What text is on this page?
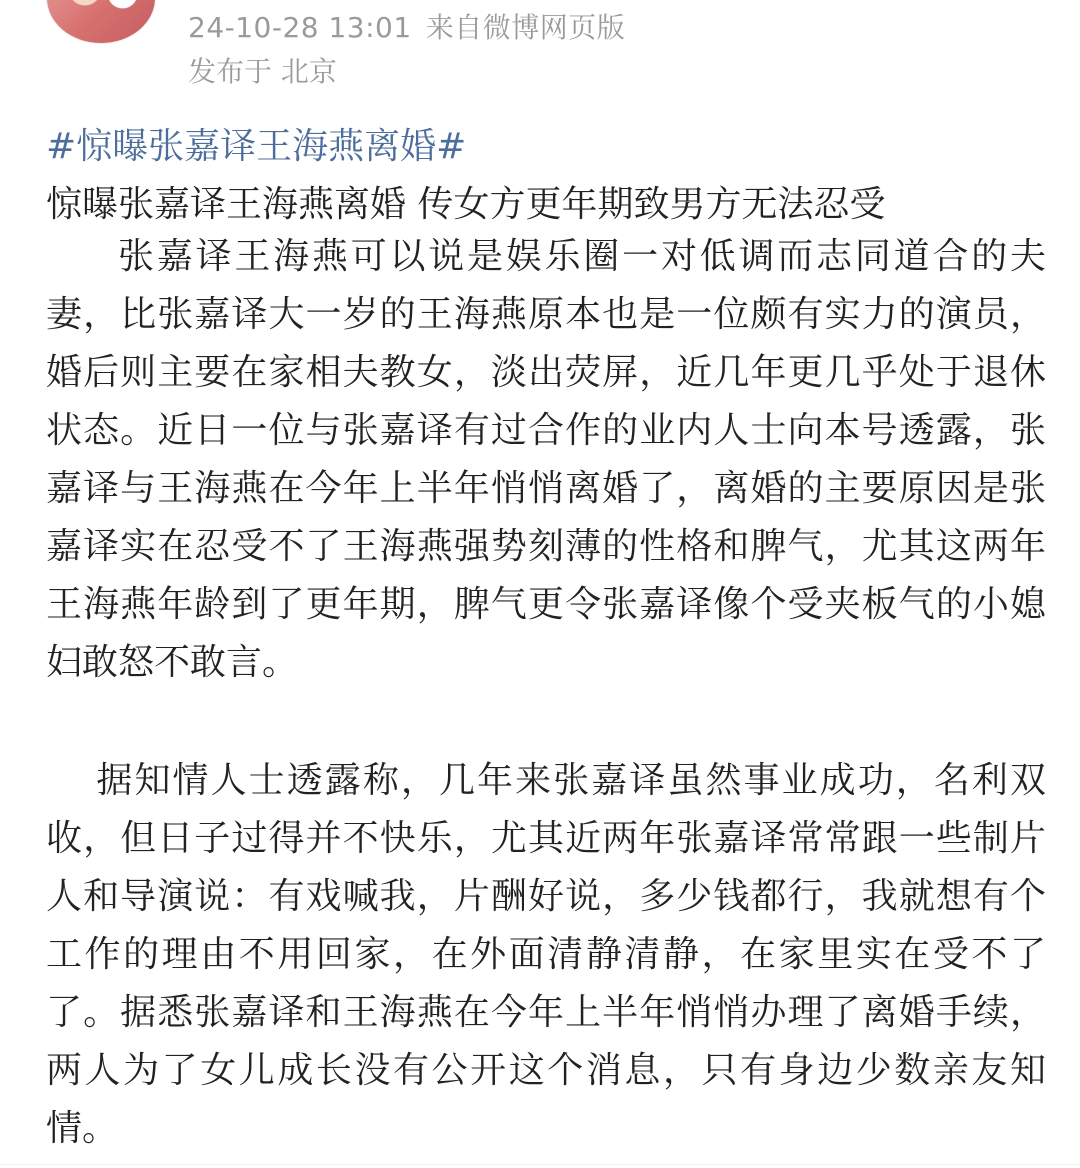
24-10-28 13:01 来自微博网页版
发布于 北京
#惊曝张嘉译王海燕离婚#
惊曝张嘉译王海燕离婚 传女方更年期致男方无法忍受

张嘉译王海燕可以说是娱乐圈一对低调而志同道合的夫妻，比张嘉译大一岁的王海燕原本也是一位颇有实力的演员，婚后则主要在家相夫教女，淡出荧屏，近几年更几乎处于退休状态。近日一位与张嘉译有过合作的业内人士向本号透露，张嘉译与王海燕在今年上半年悄悄离婚了，离婚的主要原因是张嘉译实在忍受不了王海燕强势刻薄的性格和脾气，尤其这两年王海燕年龄到了更年期，脾气更令张嘉译像个受夹板气的小媳妇敢怒不敢言。

据知情人士透露称，几年来张嘉译虽然事业成功，名利双收，但日子过得并不快乐，尤其近两年张嘉译常常跟一些制片人和导演说：有戏喊我，片酬好说，多少钱都行，我就想有个工作的理由不用回家，在外面清静清静，在家里实在受不了了。据悉张嘉译和王海燕在今年上半年悄悄办理了离婚手续，两人为了女儿成长没有公开这个消息，只有身边少数亲友知情。
